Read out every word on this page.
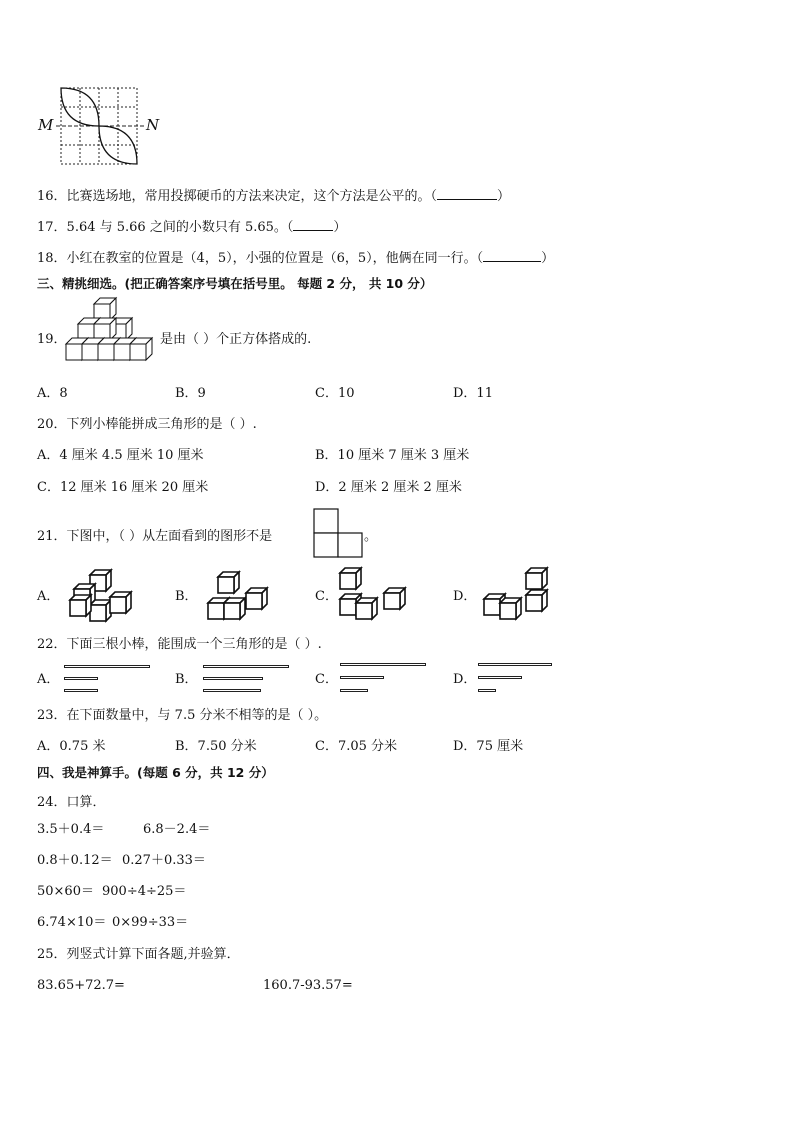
M	N
16．比赛选场地，常用投掷硬币的方法来决定，这个方法是公平的。（	）
17．5.64 与 5.66 之间的小数只有 5.65。（	）
18．小红在教室的位置是（4，5），小强的位置是（6，5），他俩在同一行。（	）
三、精挑细选。(把正确答案序号填在括号里。 每题 2 分， 共 10 分）
19．	是由（ ）个正方体搭成的.
A．8	B．9	C．10	D．11
20．下列小棒能拼成三角形的是（ ）.
A．4 厘米 4.5 厘米 10 厘米	B．10 厘米 7 厘米 3 厘米
C．12 厘米 16 厘米 20 厘米	D．2 厘米 2 厘米 2 厘米
21．下图中，（ ）从左面看到的图形不是	。
A．	B．	C．	D．
22．下面三根小棒，能围成一个三角形的是（ ）.
A．	B．	C．	D．
23．在下面数量中，与 7.5 分米不相等的是（ ）。
A．0.75 米	B．7.50 分米	C．7.05 分米	D．75 厘米
四、我是神算手。(每题 6 分，共 12 分）
24．口算．
3.5＋0.4＝	6.8－2.4＝
0.8＋0.12＝ 0.27＋0.33＝
50×60＝ 900÷4÷25＝
6.74×10＝ 0×99÷33＝
25．列竖式计算下面各题,并验算．
83.65+72.7=	160.7-93.57=
